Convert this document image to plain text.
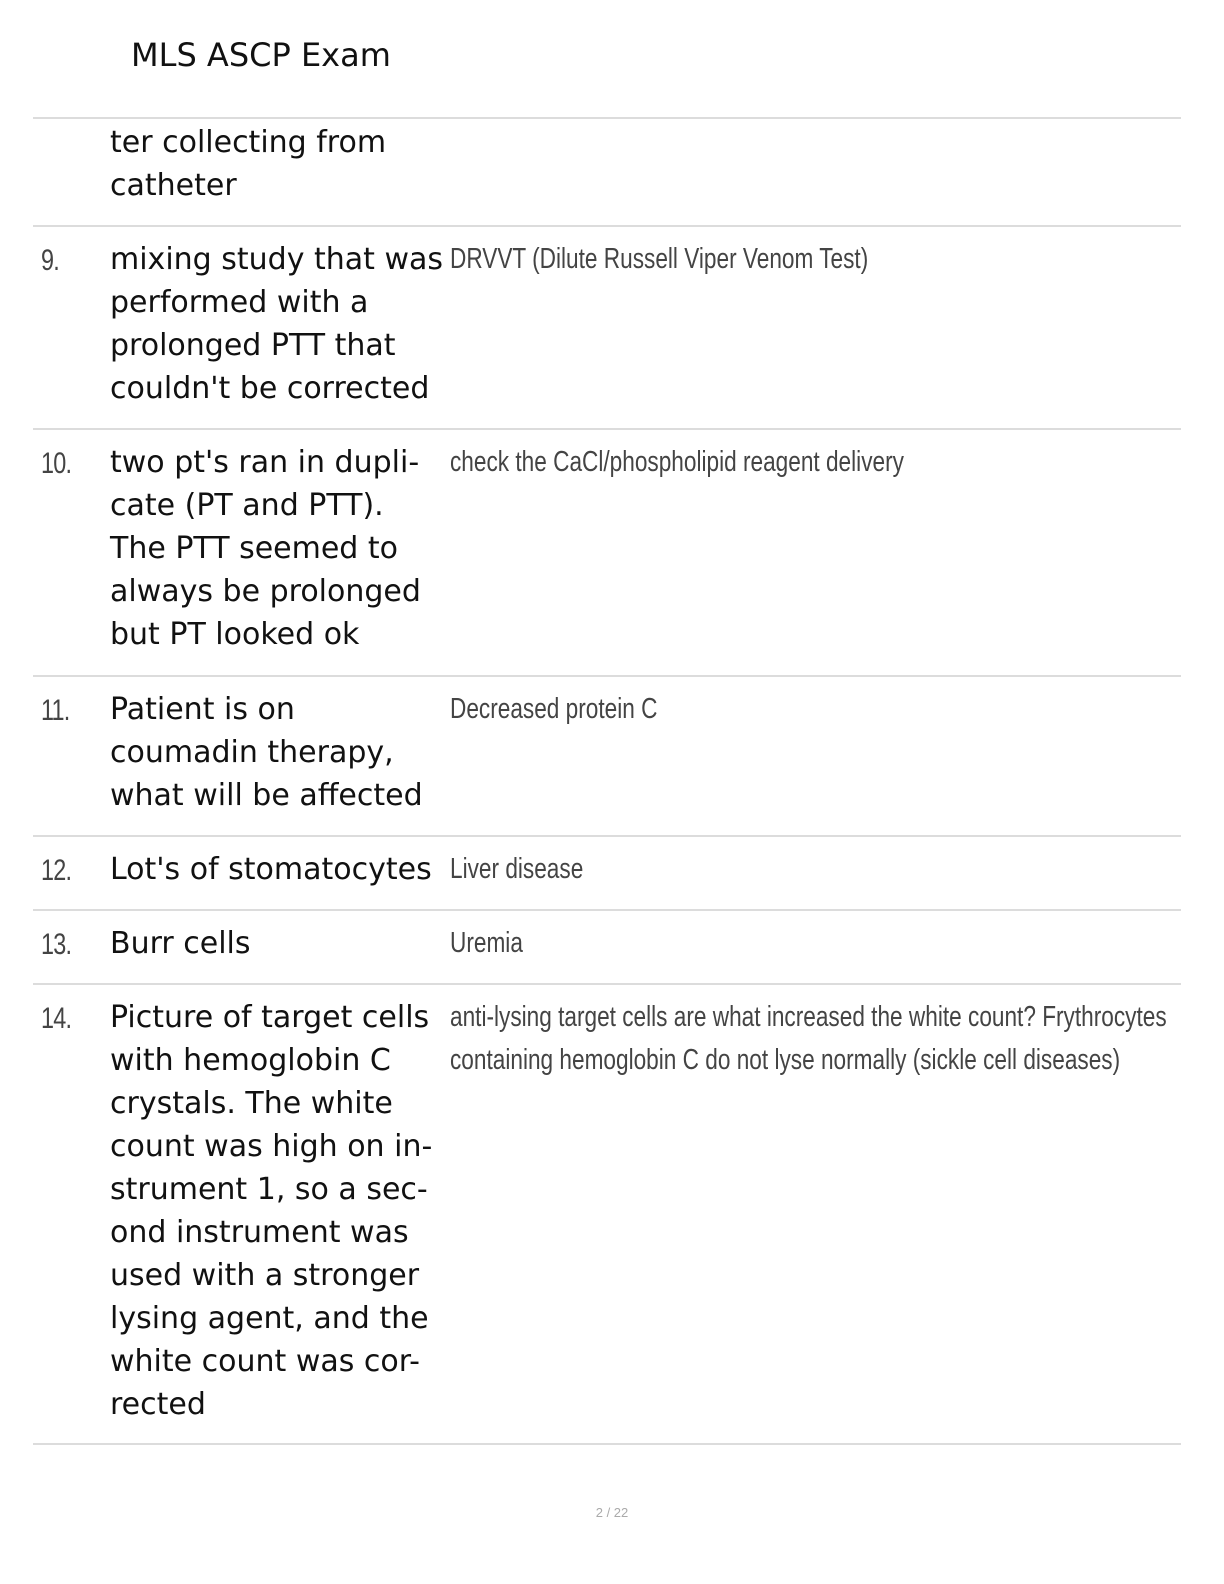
MLS ASCP Exam
ter collecting from catheter
9. mixing study that was performed with a prolonged PTT that couldn't be corrected
DRVVT (Dilute Russell Viper Venom Test)
10. two pt's ran in dupli- cate (PT and PTT). The PTT seemed to always be prolonged but PT looked ok
check the CaCl/phospholipid reagent delivery
11. Patient is on coumadin therapy, what will be affected
Decreased protein C
12. Lot's of stomatocytes Liver disease
13. Burr cells	Uremia
14. Picture of target cells with hemoglobin C crystals. The white count was high on in- strument 1, so a sec- ond instrument was used with a stronger lysing agent, and the white count was cor- rected
anti-lysing target cells are what increased the white count? Frythrocytes containing hemoglobin C do not lyse normally (sickle cell diseases)
2 / 22
